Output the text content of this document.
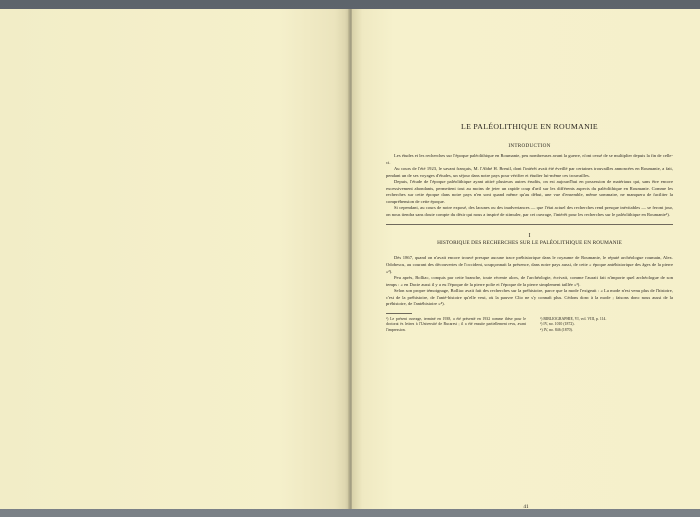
LE PALÉOLITHIQUE EN ROUMANIE
INTRODUCTION

Les études et les recherches sur l'époque paléolithique en Roumanie, peu nombreuses avant la guerre, n'ont cessé de se multiplier depuis la fin de celle-ci.

Au cours de l'été 1923, le savant français, M. l'Abbé H. Breuil, dont l'intérêt avait été éveillé par certaines trouvailles annoncées en Roumanie, a fait, pendant un de ses voyages d'études, un séjour dans notre pays pour vérifier et étudier lui-même ces trouvailles.

Depuis, l'étude de l'époque paléolithique ayant attiré plusieurs autres érudits, on est aujourd'hui en possession de matériaux qui, sans être encore excessivement abondants, permettent tout au moins de jeter un rapide coup d'œil sur les différents aspects du paléolithique en Roumanie. Comme les recherches sur cette époque dans notre pays n'en sont quand même qu'au début, une vue d'ensemble, même sommaire, ne manquera de faciliter la compréhension de cette époque.

Si cependant, au cours de notre exposé, des lacunes ou des inadvertances — que l'état actuel des recherches rend presque inévitables — se feront jour, on nous tiendra sans doute compte du désir qui nous a inspiré de stimuler, par cet ouvrage, l'intérêt pour les recherches sur le paléolithique en Roumanie¹).

I
HISTORIQUE DES RECHERCHES SUR LE PALÉOLITHIQUE EN ROUMANIE

Dès 1867, quand on n'avait encore trouvé presque aucune trace préhistorique dans le royaume de Roumanie, le réputé archéologue roumain, Alex. Odobescu, au courant des découvertes de l'occident, soupçonnait la présence, dans notre pays aussi, de cette « époque antéhistorique des âges de la pierre »²).

Peu après, Bolliac, conquis par cette branche, toute récente alors, de l'archéologie, écrivait, comme l'aurait fait n'importe quel archéologue de son temps : « en Dacie aussi il y a eu l'époque de la pierre polie et l'époque de la pierre simplement taillée »³).

Selon son propre témoignage, Bolliac avait fait des recherches sur la préhistoire, parce que la mode l'exigeait : « La mode n'est venu plus de l'histoire, c'est de la préhistoire, de l'anté-histoire qu'elle veut, où la pauvre Clio ne s'y connaît plus. Cédons donc à la mode ; faisons donc nous aussi de la préhistoire, de l'antéhistoire »⁴).

¹) Le présent ouvrage, terminé en 1938, a été présenté en 1932 comme thèse pour le doctorat ès lettres à l'Université de Bucarest ; il a été ensuite partiellement revu, avant l'impression.
²) BIBLIOGRAPHIE, VI, vol. VIII, p. 114.
³) IV, no. 1010 (1872).
⁴) IV, no. 846 (1870).
41
